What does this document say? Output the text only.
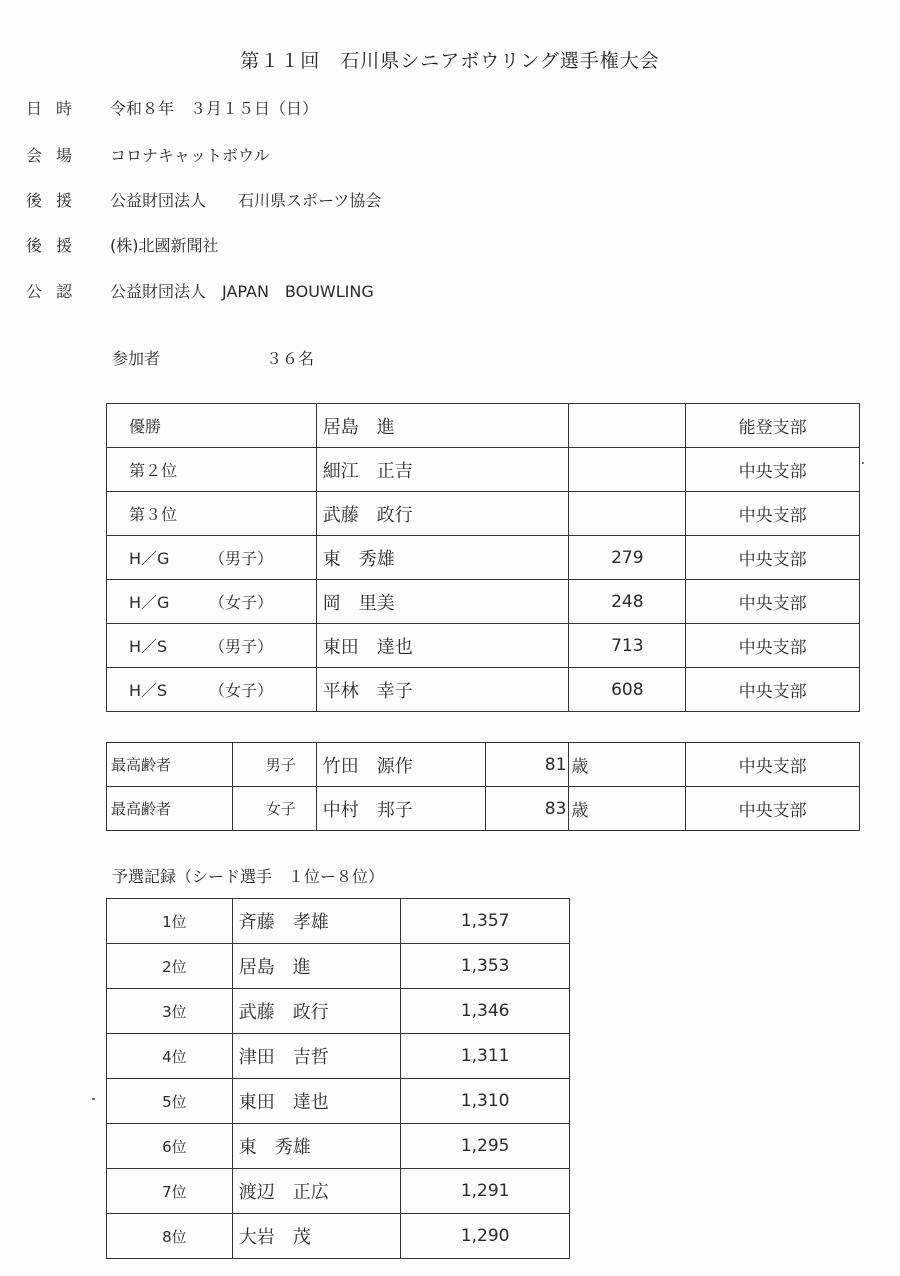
第１１回　石川県シニアボウリング選手権大会
日時	令和８年　３月１５日（日）
会場	コロナキャットボウル
後援	公益財団法人　　石川県スポーツ協会
後援	(株)北國新聞社
公認	公益財団法人　JAPAN　BOUWLING
参加者	３６名
優勝	居島　進		能登支部
第２位	細江　正吉		中央支部
第３位	武藤　政行		中央支部
H／G （男子）	東　秀雄	279	中央支部
H／G （女子）	岡　里美	248	中央支部
H／S （男子）	東田　達也	713	中央支部
H／S （女子）	平林　幸子	608	中央支部
最高齢者	男子	竹田　源作	81	歳	中央支部
最高齢者	女子	中村　邦子	83	歳	中央支部
予選記録（シード選手　１位ー８位）
1位	斉藤　孝雄	1,357
2位	居島　進	1,353
3位	武藤　政行	1,346
4位	津田　吉哲	1,311
5位	東田　達也	1,310
6位	東　秀雄	1,295
7位	渡辺　正広	1,291
8位	大岩　茂	1,290
